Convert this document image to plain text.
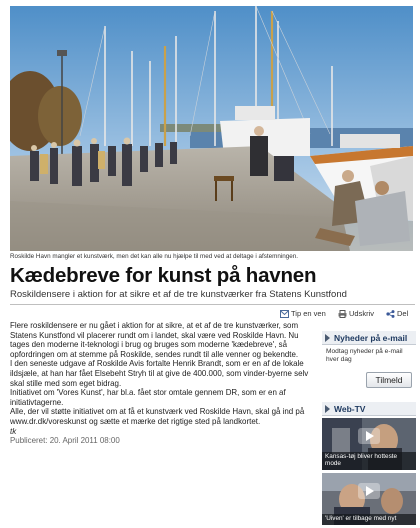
Roskilde Havn mangler et kunstværk, men det kan alle nu hjælpe til med ved at deltage i afstemningen.
Kædebreve for kunst på havnen
Roskildensere i aktion for at sikre et af de tre kunstværker fra Statens Kunstfond
Tip en ven	Udskriv	Del

Flere roskildensere er nu gået i aktion for at sikre, at et af de tre kunstværker, som Statens Kunstfond vil placerer rundt om i landet, skal være ved Roskilde Havn. Nu tages den moderne it-teknologi i brug og bruges som moderne 'kædebreve', så opfordringen om at stemme på Roskilde, sendes rundt til alle venner og bekendte.

I den seneste udgave af Roskilde Avis fortalte Henrik Brandt, som er en af de lokale ildsjæle, at han har fået Elsebeht Stryh til at give de 400.000, som vinder-byerne selv skal stille med som eget bidrag.

Initiativet om 'Vores Kunst', har bl.a. fået stor omtale gennem DR, som er en af initiativtagerne.

Alle, der vil støtte initiativet om at få et kunstværk ved Roskilde Havn, skal gå ind på www.dr.dk/voreskunst og sætte et mærke det rigtige sted på landkortet.

tk

Publiceret: 20. April 2011 08:00

Nyheder på e-mail
Modtag nyheder på e-mail hver dag
Tilmeld
Web-TV
Kansas-tøj bliver hotteste mode
'Uiven' er tilbage med nyt
